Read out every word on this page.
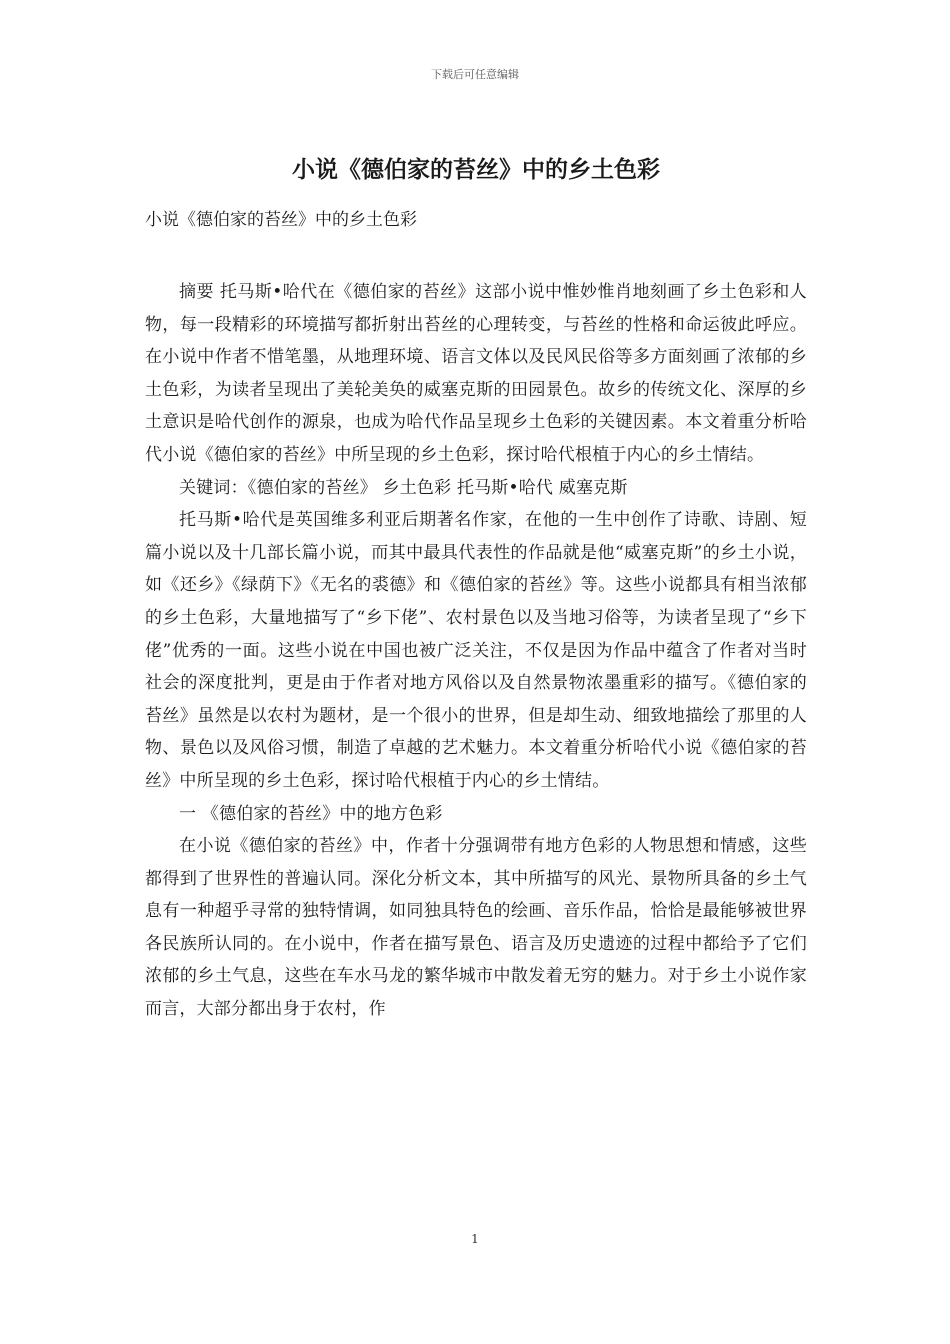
下载后可任意编辑
小说《德伯家的苔丝》中的乡土色彩

小说《德伯家的苔丝》中的乡土色彩

摘要 托马斯•哈代在《德伯家的苔丝》这部小说中惟妙惟肖地刻画了乡土色彩和人物，每一段精彩的环境描写都折射出苔丝的心理转变，与苔丝的性格和命运彼此呼应。在小说中作者不惜笔墨，从地理环境、语言文体以及民风民俗等多方面刻画了浓郁的乡土色彩，为读者呈现出了美轮美奂的威塞克斯的田园景色。故乡的传统文化、深厚的乡土意识是哈代创作的源泉，也成为哈代作品呈现乡土色彩的关键因素。本文着重分析哈代小说《德伯家的苔丝》中所呈现的乡土色彩，探讨哈代根植于内心的乡土情结。

关键词：《德伯家的苔丝》 乡土色彩 托马斯•哈代 威塞克斯

托马斯•哈代是英国维多利亚后期著名作家，在他的一生中创作了诗歌、诗剧、短篇小说以及十几部长篇小说，而其中最具代表性的作品就是他“威塞克斯”的乡土小说，如《还乡》《绿荫下》《无名的裘德》和《德伯家的苔丝》等。这些小说都具有相当浓郁的乡土色彩，大量地描写了“乡下佬”、农村景色以及当地习俗等，为读者呈现了“乡下佬”优秀的一面。这些小说在中国也被广泛关注，不仅是因为作品中蕴含了作者对当时社会的深度批判，更是由于作者对地方风俗以及自然景物浓墨重彩的描写。《德伯家的苔丝》虽然是以农村为题材，是一个很小的世界，但是却生动、细致地描绘了那里的人物、景色以及风俗习惯，制造了卓越的艺术魅力。本文着重分析哈代小说《德伯家的苔丝》中所呈现的乡土色彩，探讨哈代根植于内心的乡土情结。

一 《德伯家的苔丝》中的地方色彩

在小说《德伯家的苔丝》中，作者十分强调带有地方色彩的人物思想和情感，这些都得到了世界性的普遍认同。深化分析文本，其中所描写的风光、景物所具备的乡土气息有一种超乎寻常的独特情调，如同独具特色的绘画、音乐作品，恰恰是最能够被世界各民族所认同的。在小说中，作者在描写景色、语言及历史遗迹的过程中都给予了它们浓郁的乡土气息，这些在车水马龙的繁华城市中散发着无穷的魅力。对于乡土小说作家而言，大部分都出身于农村，作

1
